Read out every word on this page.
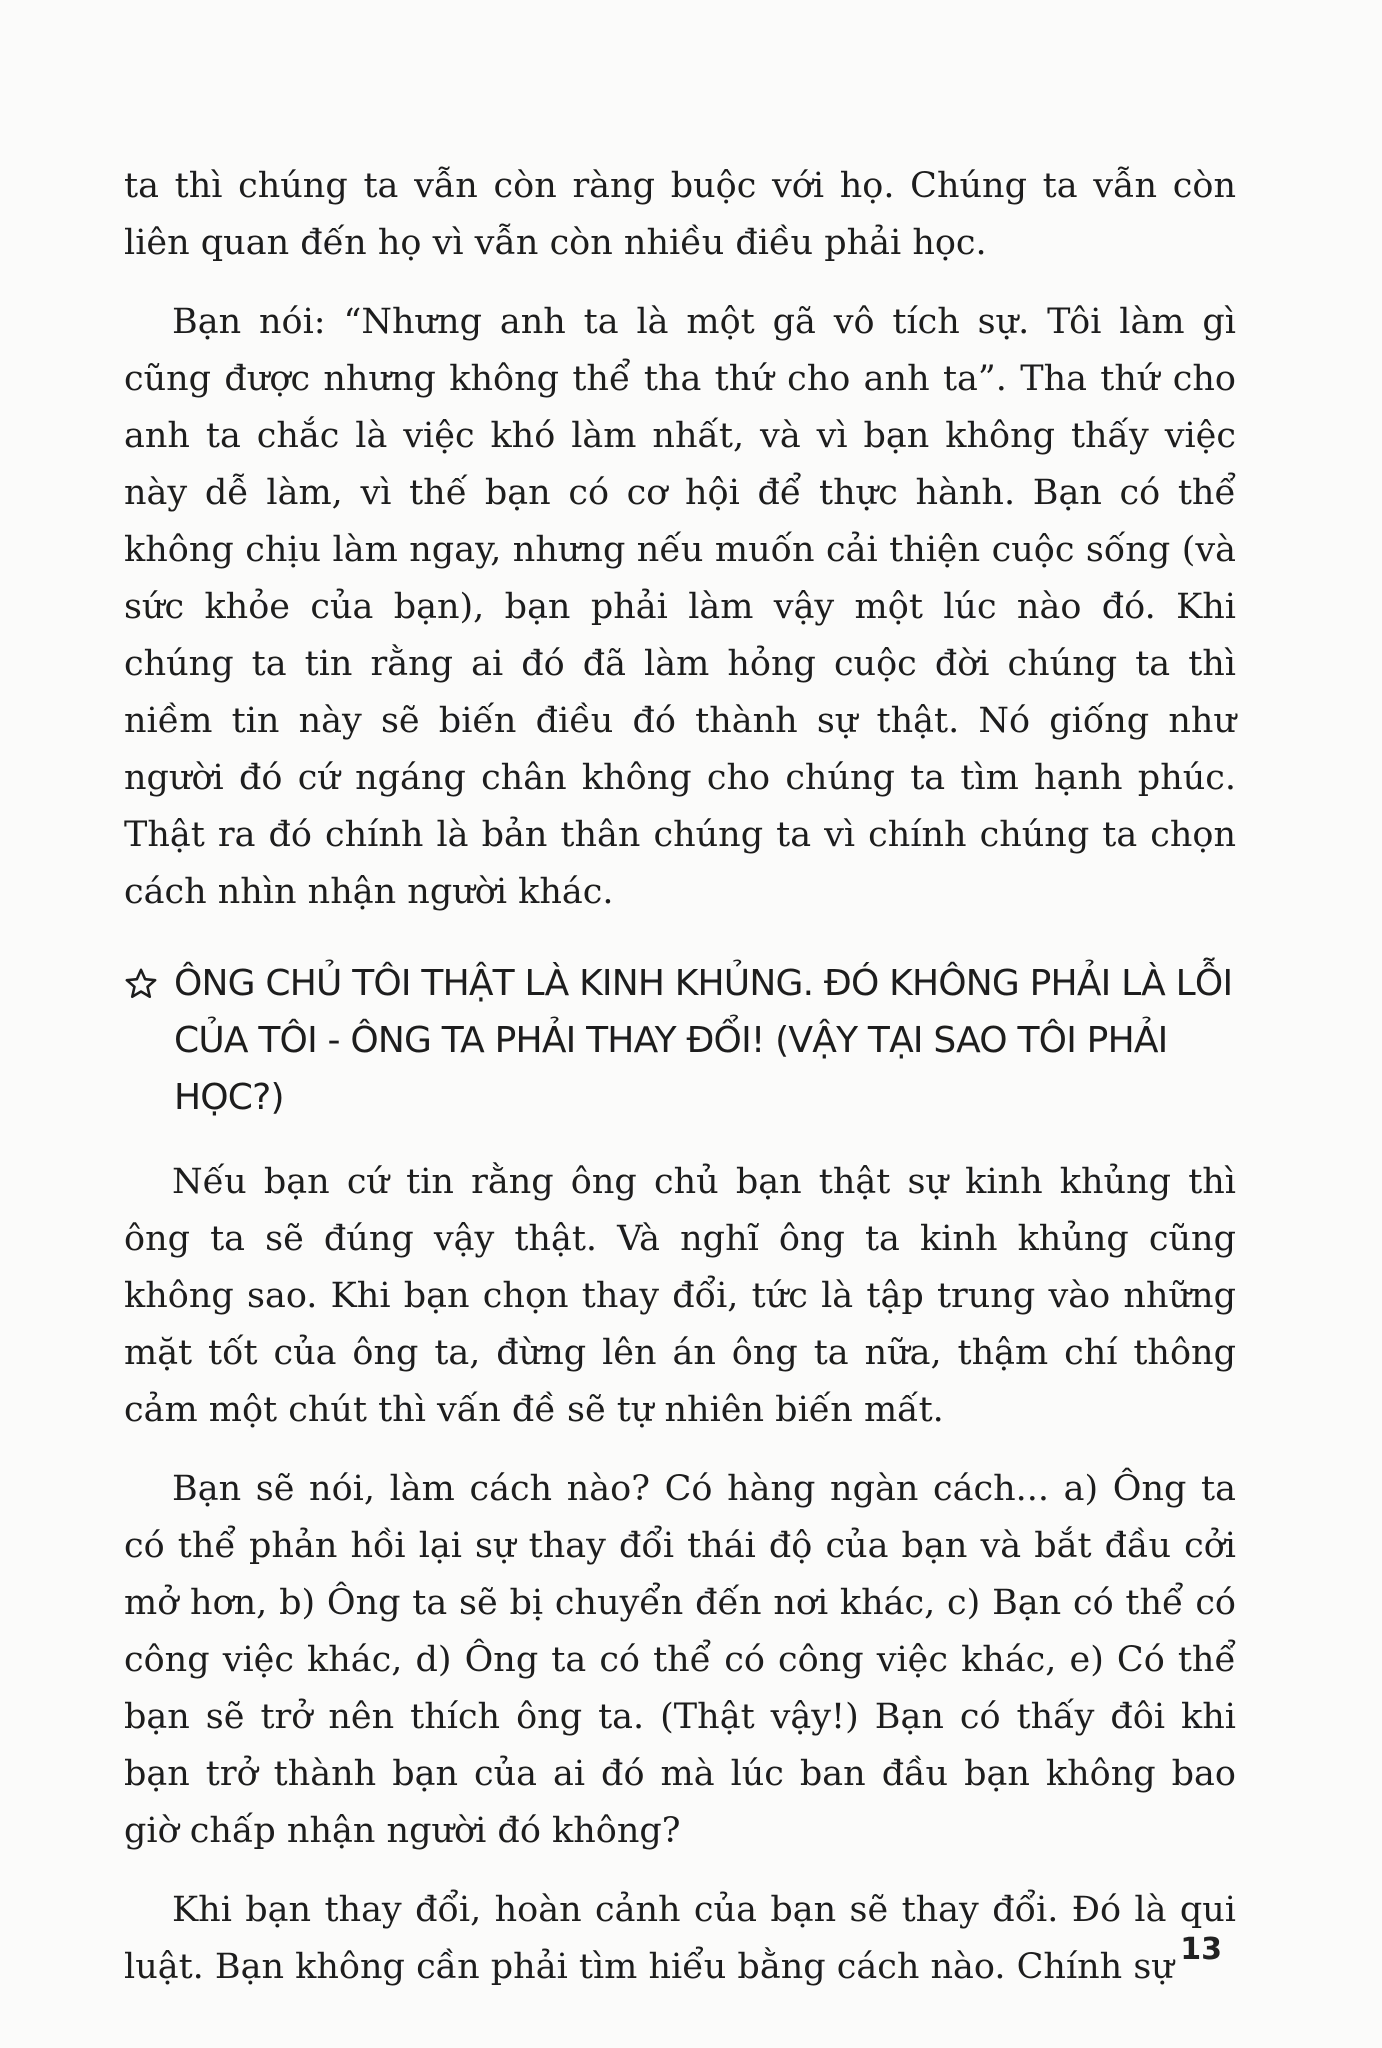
ta thì chúng ta vẫn còn ràng buộc với họ. Chúng ta vẫn còn liên quan đến họ vì vẫn còn nhiều điều phải học.

Bạn nói: “Nhưng anh ta là một gã vô tích sự. Tôi làm gì cũng được nhưng không thể tha thứ cho anh ta”. Tha thứ cho anh ta chắc là việc khó làm nhất, và vì bạn không thấy việc này dễ làm, vì thế bạn có cơ hội để thực hành. Bạn có thể không chịu làm ngay, nhưng nếu muốn cải thiện cuộc sống (và sức khỏe của bạn), bạn phải làm vậy một lúc nào đó. Khi chúng ta tin rằng ai đó đã làm hỏng cuộc đời chúng ta thì niềm tin này sẽ biến điều đó thành sự thật. Nó giống như người đó cứ ngáng chân không cho chúng ta tìm hạnh phúc. Thật ra đó chính là bản thân chúng ta vì chính chúng ta chọn cách nhìn nhận người khác.

ÔNG CHỦ TÔI THẬT LÀ KINH KHỦNG. ĐÓ KHÔNG PHẢI LÀ LỖI CỦA TÔI - ÔNG TA PHẢI THAY ĐỔI! (VẬY TẠI SAO TÔI PHẢI HỌC?)

Nếu bạn cứ tin rằng ông chủ bạn thật sự kinh khủng thì ông ta sẽ đúng vậy thật. Và nghĩ ông ta kinh khủng cũng không sao. Khi bạn chọn thay đổi, tức là tập trung vào những mặt tốt của ông ta, đừng lên án ông ta nữa, thậm chí thông cảm một chút thì vấn đề sẽ tự nhiên biến mất.

Bạn sẽ nói, làm cách nào? Có hàng ngàn cách... a) Ông ta có thể phản hồi lại sự thay đổi thái độ của bạn và bắt đầu cởi mở hơn, b) Ông ta sẽ bị chuyển đến nơi khác, c) Bạn có thể có công việc khác, d) Ông ta có thể có công việc khác, e) Có thể bạn sẽ trở nên thích ông ta. (Thật vậy!) Bạn có thấy đôi khi bạn trở thành bạn của ai đó mà lúc ban đầu bạn không bao giờ chấp nhận người đó không?

Khi bạn thay đổi, hoàn cảnh của bạn sẽ thay đổi. Đó là qui luật. Bạn không cần phải tìm hiểu bằng cách nào. Chính sự 13
